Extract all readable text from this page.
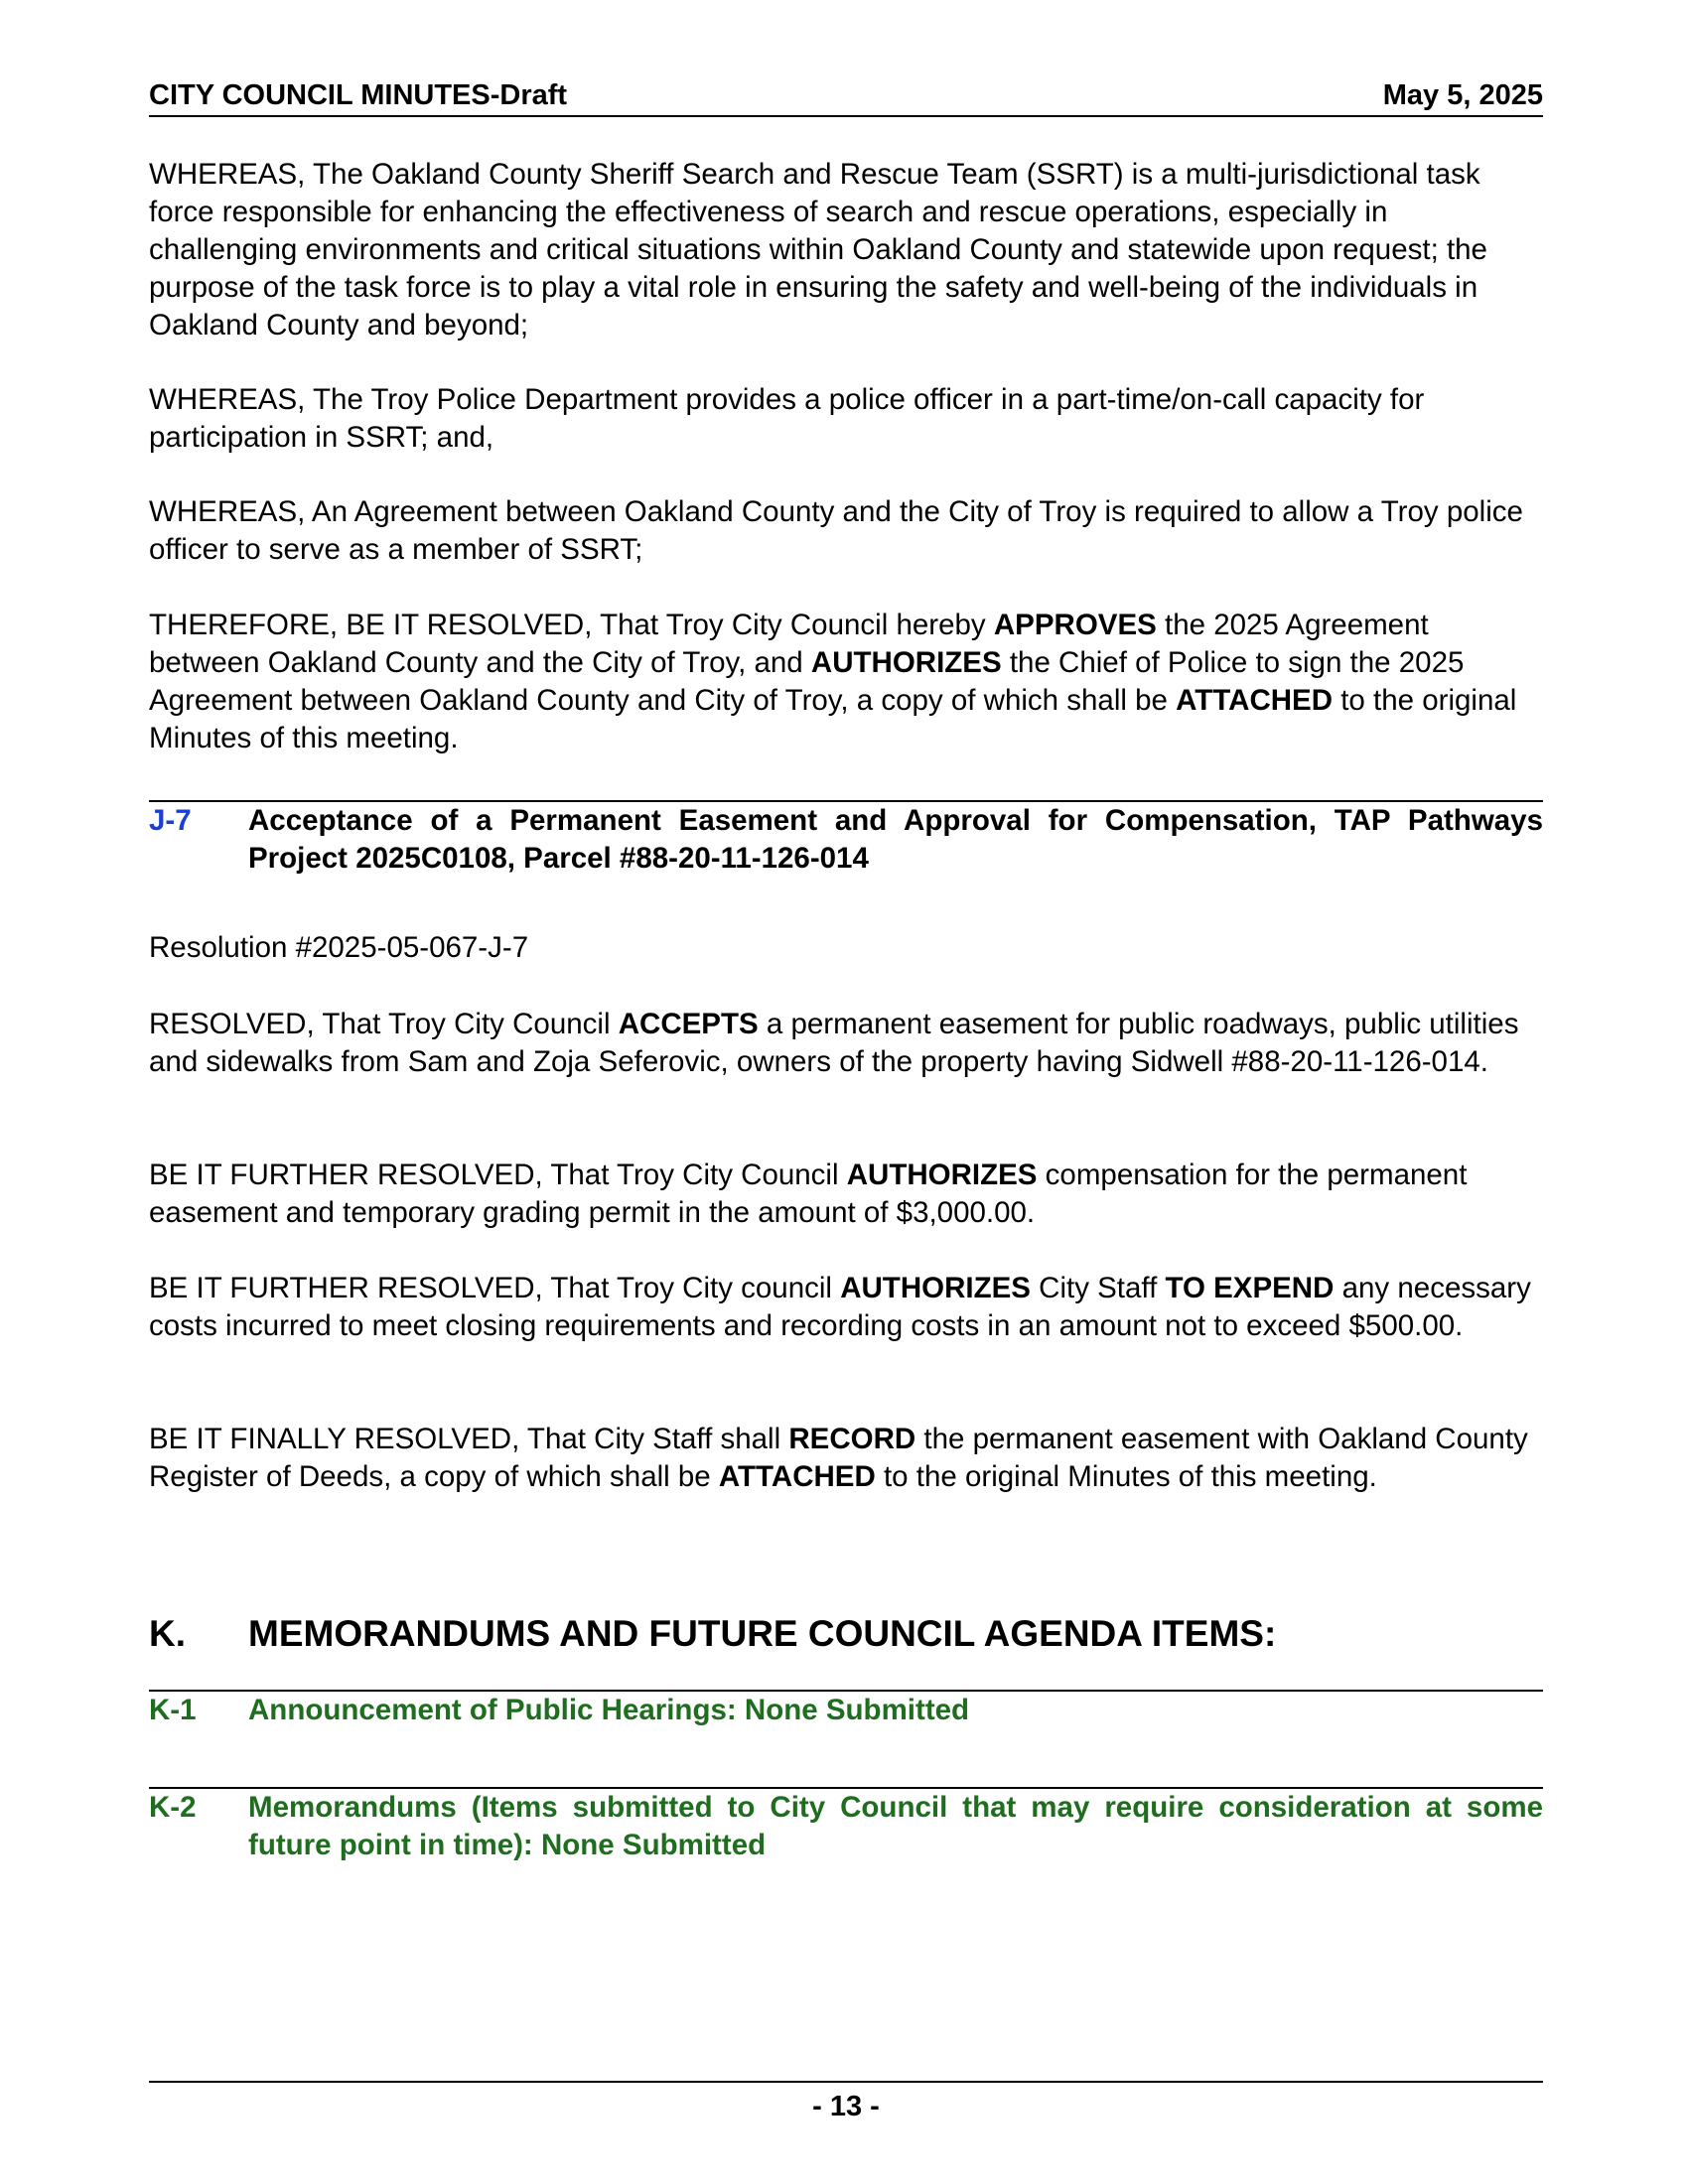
CITY COUNCIL MINUTES-Draft	May 5, 2025

WHEREAS, The Oakland County Sheriff Search and Rescue Team (SSRT) is a multi-jurisdictional task force responsible for enhancing the effectiveness of search and rescue operations, especially in challenging environments and critical situations within Oakland County and statewide upon request; the purpose of the task force is to play a vital role in ensuring the safety and well-being of the individuals in Oakland County and beyond;

WHEREAS, The Troy Police Department provides a police officer in a part-time/on-call capacity for participation in SSRT; and,

WHEREAS, An Agreement between Oakland County and the City of Troy is required to allow a Troy police officer to serve as a member of SSRT;

THEREFORE, BE IT RESOLVED, That Troy City Council hereby APPROVES the 2025 Agreement between Oakland County and the City of Troy, and AUTHORIZES the Chief of Police to sign the 2025 Agreement between Oakland County and City of Troy, a copy of which shall be ATTACHED to the original Minutes of this meeting.

J-7 Acceptance of a Permanent Easement and Approval for Compensation, TAP Pathways Project 2025C0108, Parcel #88-20-11-126-014

Resolution #2025-05-067-J-7

RESOLVED, That Troy City Council ACCEPTS a permanent easement for public roadways, public utilities and sidewalks from Sam and Zoja Seferovic, owners of the property having Sidwell #88-20-11-126-014.

BE IT FURTHER RESOLVED, That Troy City Council AUTHORIZES compensation for the permanent easement and temporary grading permit in the amount of $3,000.00.

BE IT FURTHER RESOLVED, That Troy City council AUTHORIZES City Staff TO EXPEND any necessary costs incurred to meet closing requirements and recording costs in an amount not to exceed $500.00.

BE IT FINALLY RESOLVED, That City Staff shall RECORD the permanent easement with Oakland County Register of Deeds, a copy of which shall be ATTACHED to the original Minutes of this meeting.

K. MEMORANDUMS AND FUTURE COUNCIL AGENDA ITEMS:
K-1 Announcement of Public Hearings: None Submitted
K-2 Memorandums (Items submitted to City Council that may require consideration at some future point in time): None Submitted
- 13 -
